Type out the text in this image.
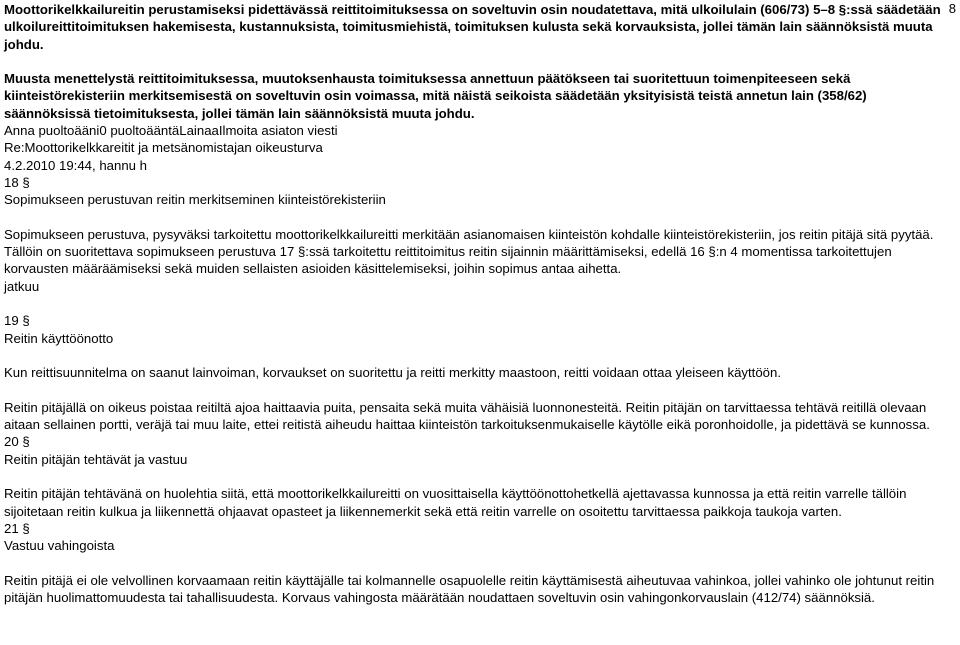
8

Moottorikelkkailureitin perustamiseksi pidettävässä reittitoimituksessa on soveltuvin osin noudatettava, mitä ulkoilulain (606/73) 5–8 §:ssä säädetään ulkoilureittitoimituksen hakemisesta, kustannuksista, toimitusmiehistä, toimituksen kulusta sekä korvauksista, jollei tämän lain säännöksistä muuta johdu.

Muusta menettelystä reittitoimituksessa, muutoksenhausta toimituksessa annettuun päätökseen tai suoritettuun toimenpiteeseen sekä kiinteistörekisteriin merkitsemisestä on soveltuvin osin voimassa, mitä näistä seikoista säädetään yksityisistä teistä annetun lain (358/62) säännöksissä tietoimituksesta, jollei tämän lain säännöksistä muuta johdu.

Anna puoltoääni0 puoltoääntäLainaaIlmoita asiaton viesti

Re:Moottorikelkkareitit ja metsänomistajan oikeusturva

4.2.2010 19:44, hannu h

18 §

Sopimukseen perustuvan reitin merkitseminen kiinteistörekisteriin

Sopimukseen perustuva, pysyväksi tarkoitettu moottorikelkkailureitti merkitään asianomaisen kiinteistön kohdalle kiinteistörekisteriin, jos reitin pitäjä sitä pyytää. Tällöin on suoritettava sopimukseen perustuva 17 §:ssä tarkoitettu reittitoimitus reitin sijainnin määrittämiseksi, edellä 16 §:n 4 momentissa tarkoitettujen korvausten määräämiseksi sekä muiden sellaisten asioiden käsittelemiseksi, joihin sopimus antaa aihetta.

jatkuu

19 §

Reitin käyttöönotto

Kun reittisuunnitelma on saanut lainvoiman, korvaukset on suoritettu ja reitti merkitty maastoon, reitti voidaan ottaa yleiseen käyttöön.

Reitin pitäjällä on oikeus poistaa reitiltä ajoa haittaavia puita, pensaita sekä muita vähäisiä luonnonesteitä. Reitin pitäjän on tarvittaessa tehtävä reitillä olevaan aitaan sellainen portti, veräjä tai muu laite, ettei reitistä aiheudu haittaa kiinteistön tarkoituksenmukaiselle käytölle eikä poronhoidolle, ja pidettävä se kunnossa.

20 §

Reitin pitäjän tehtävät ja vastuu

Reitin pitäjän tehtävänä on huolehtia siitä, että moottorikelkkailureitti on vuosittaisella käyttöönottohetkellä ajettavassa kunnossa ja että reitin varrelle tällöin sijoitetaan reitin kulkua ja liikennettä ohjaavat opasteet ja liikennemerkit sekä että reitin varrelle on osoitettu tarvittaessa paikkoja taukoja varten.

21 §

Vastuu vahingoista

Reitin pitäjä ei ole velvollinen korvaamaan reitin käyttäjälle tai kolmannelle osapuolelle reitin käyttämisestä aiheutuvaa vahinkoa, jollei vahinko ole johtunut reitin pitäjän huolimattomuudesta tai tahallisuudesta. Korvaus vahingosta määrätään noudattaen soveltuvin osin vahingonkorvauslain (412/74) säännöksiä.
